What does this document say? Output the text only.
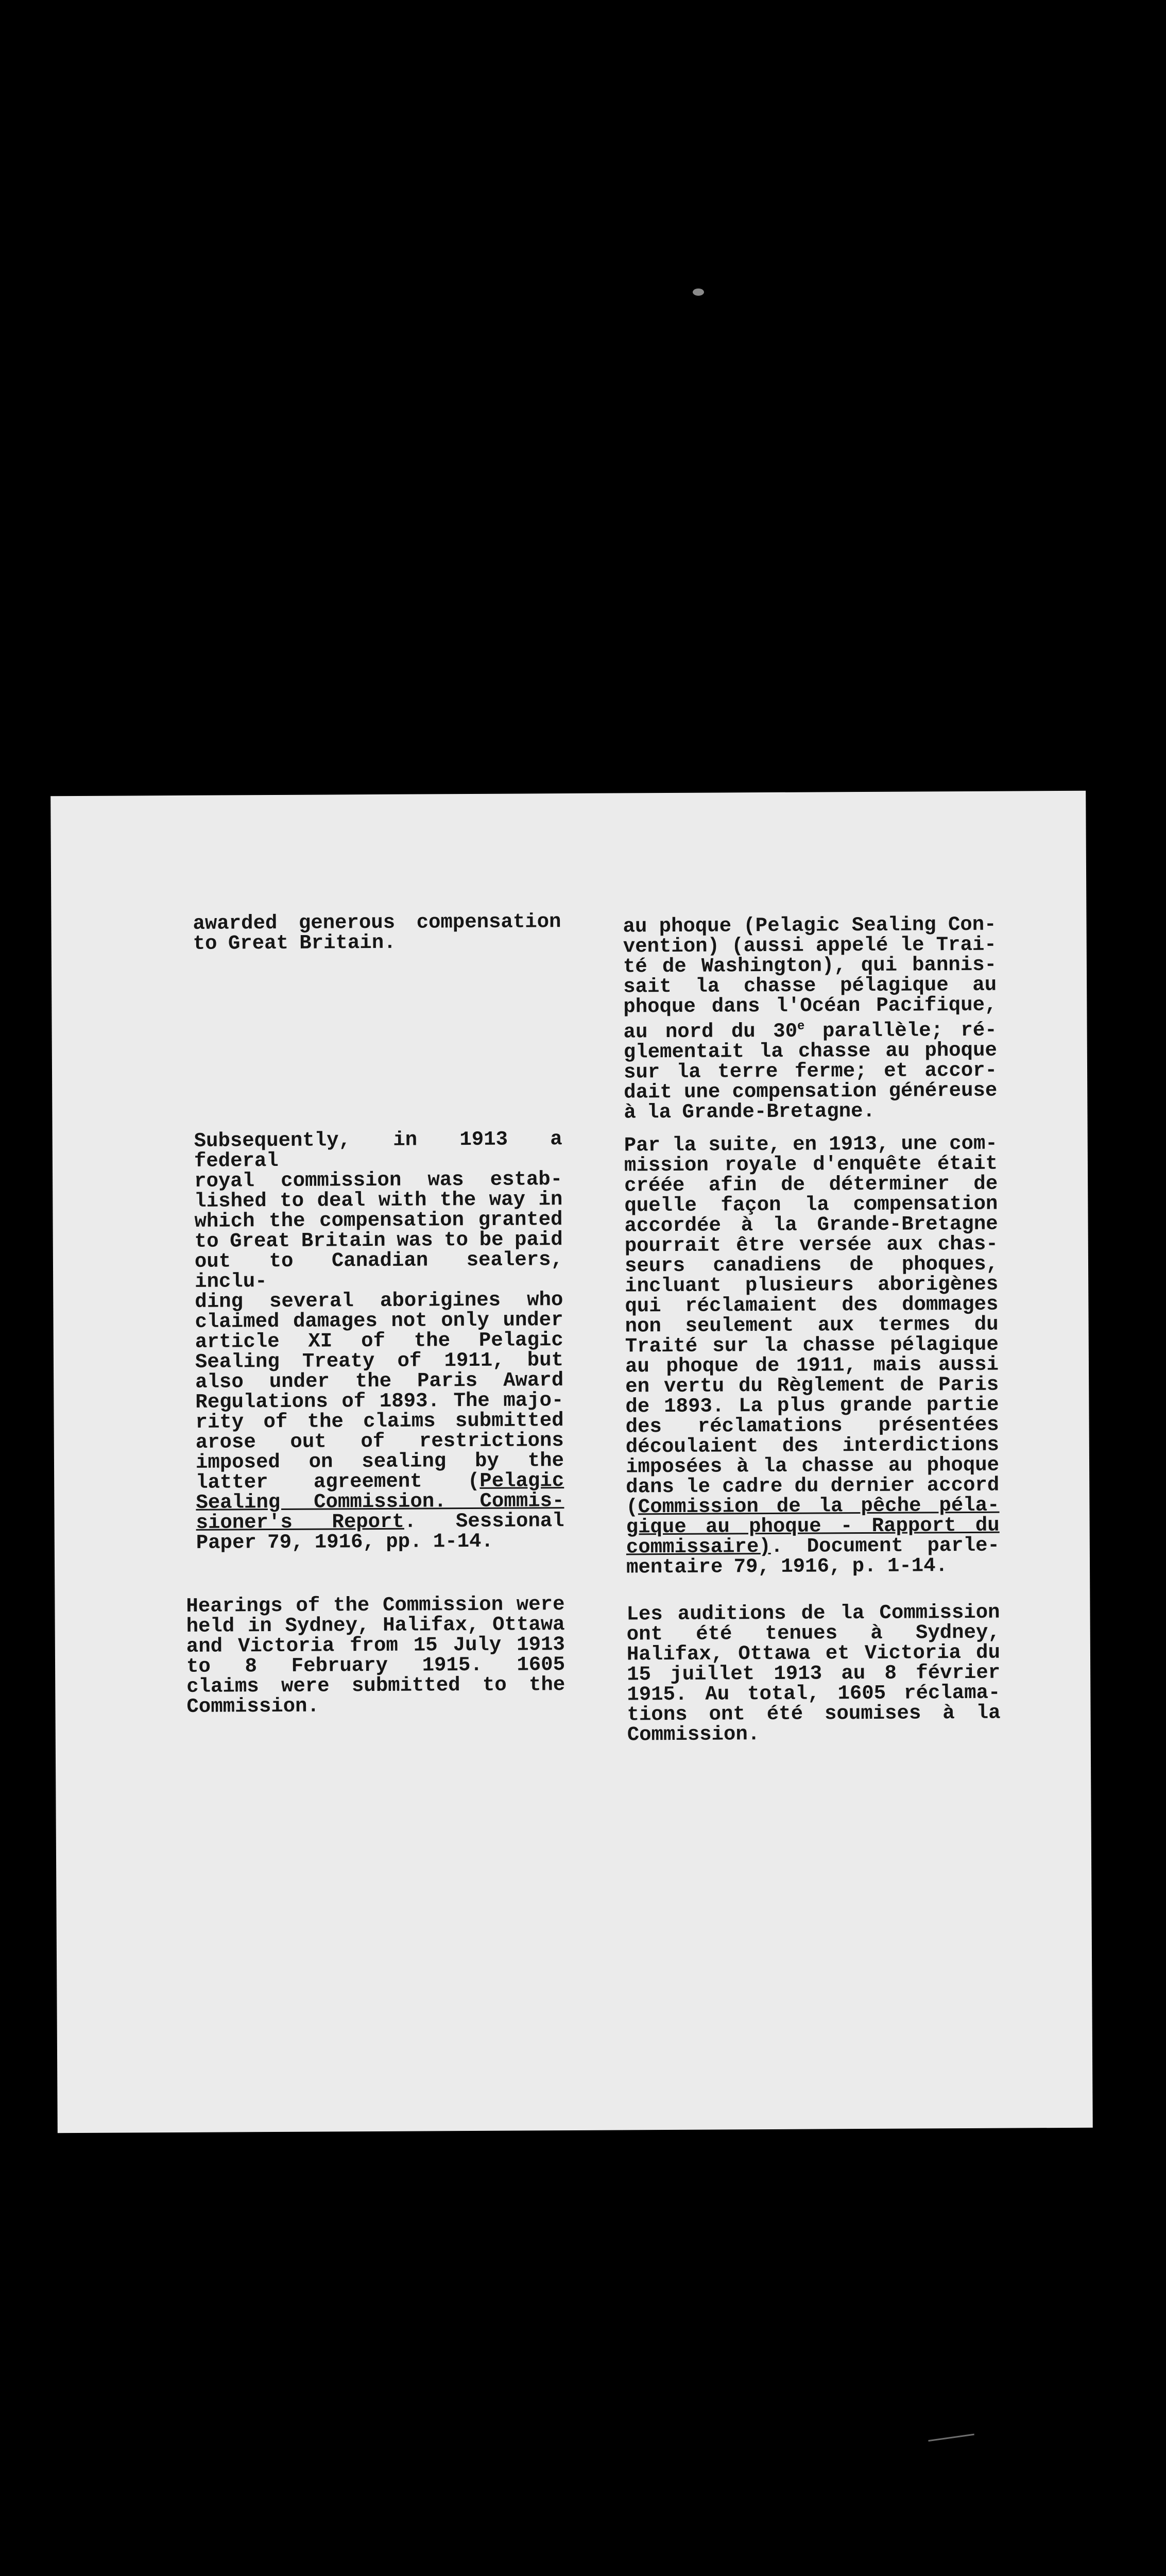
awarded generous compensation
to Great Britain.

Subsequently, in 1913 a federal
royal commission was estab-
lished to deal with the way in
which the compensation granted
to Great Britain was to be paid
out to Canadian sealers, inclu-
ding several aborigines who
claimed damages not only under
article XI of the Pelagic
Sealing Treaty of 1911, but
also under the Paris Award
Regulations of 1893. The majo-
rity of the claims submitted
arose out of restrictions
imposed on sealing by the
latter agreement (Pelagic
Sealing Commission. Commis-
sioner's Report. Sessional
Paper 79, 1916, pp. 1-14.

Hearings of the Commission were
held in Sydney, Halifax, Ottawa
and Victoria from 15 July 1913
to 8 February 1915. 1605
claims were submitted to the
Commission.

au phoque (Pelagic Sealing Con-
vention) (aussi appelé le Trai-
té de Washington), qui bannis-
sait la chasse pélagique au
phoque dans l'Océan Pacifique,
au nord du 30e parallèle; ré-
glementait la chasse au phoque
sur la terre ferme; et accor-
dait une compensation généreuse
à la Grande-Bretagne.

Par la suite, en 1913, une com-
mission royale d'enquête était
créée afin de déterminer de
quelle façon la compensation
accordée à la Grande-Bretagne
pourrait être versée aux chas-
seurs canadiens de phoques,
incluant plusieurs aborigènes
qui réclamaient des dommages
non seulement aux termes du
Traité sur la chasse pélagique
au phoque de 1911, mais aussi
en vertu du Règlement de Paris
de 1893. La plus grande partie
des réclamations présentées
découlaient des interdictions
imposées à la chasse au phoque
dans le cadre du dernier accord
(Commission de la pêche péla-
gique au phoque - Rapport du
commissaire). Document parle-
mentaire 79, 1916, p. 1-14.

Les auditions de la Commission
ont été tenues à Sydney,
Halifax, Ottawa et Victoria du
15 juillet 1913 au 8 février
1915. Au total, 1605 réclama-
tions ont été soumises à la
Commission.
